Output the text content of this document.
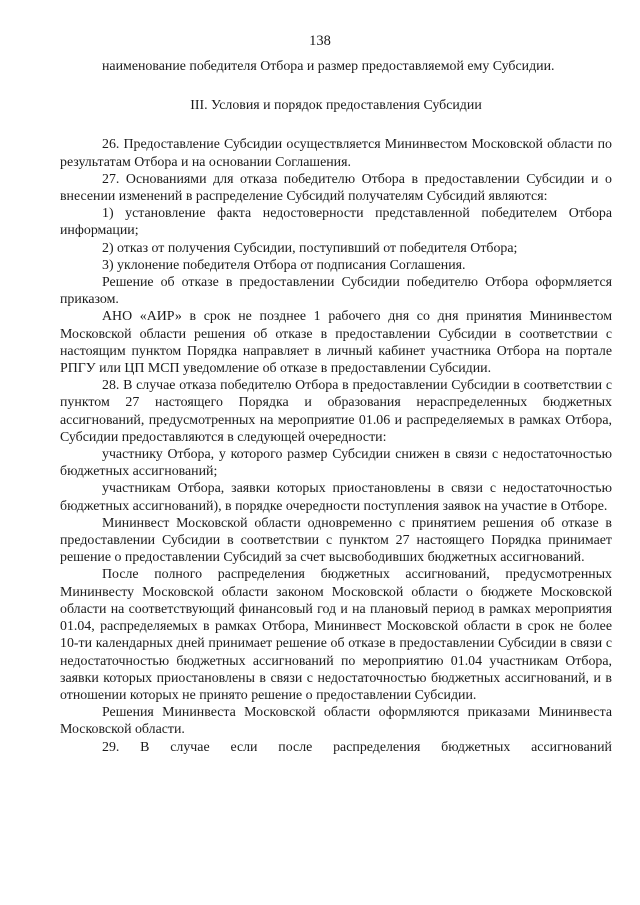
138

наименование победителя Отбора и размер предоставляемой ему Субсидии.

III. Условия и порядок предоставления Субсидии

26. Предоставление Субсидии осуществляется Мининвестом Московской области по результатам Отбора и на основании Соглашения.

27. Основаниями для отказа победителю Отбора в предоставлении Субсидии и о внесении изменений в распределение Субсидий получателям Субсидий являются:

1) установление факта недостоверности представленной победителем Отбора информации;

2) отказ от получения Субсидии, поступивший от победителя Отбора;

3) уклонение победителя Отбора от подписания Соглашения.

Решение об отказе в предоставлении Субсидии победителю Отбора оформляется приказом.

АНО «АИР» в срок не позднее 1 рабочего дня со дня принятия Мининвестом Московской области решения об отказе в предоставлении Субсидии в соответствии с настоящим пунктом Порядка направляет в личный кабинет участника Отбора на портале РПГУ или ЦП МСП уведомление об отказе в предоставлении Субсидии.

28. В случае отказа победителю Отбора в предоставлении Субсидии в соответствии с пунктом 27 настоящего Порядка и образования нераспределенных бюджетных ассигнований, предусмотренных на мероприятие 01.06 и распределяемых в рамках Отбора, Субсидии предоставляются в следующей очередности:

участнику Отбора, у которого размер Субсидии снижен в связи с недостаточностью бюджетных ассигнований;

участникам Отбора, заявки которых приостановлены в связи с недостаточностью бюджетных ассигнований), в порядке очередности поступления заявок на участие в Отборе.

Мининвест Московской области одновременно с принятием решения об отказе в предоставлении Субсидии в соответствии с пунктом 27 настоящего Порядка принимает решение о предоставлении Субсидий за счет высвободивших бюджетных ассигнований.

После полного распределения бюджетных ассигнований, предусмотренных Мининвесту Московской области законом Московской области о бюджете Московской области на соответствующий финансовый год и на плановый период в рамках мероприятия 01.04, распределяемых в рамках Отбора, Мининвест Московской области в срок не более 10-ти календарных дней принимает решение об отказе в предоставлении Субсидии в связи с недостаточностью бюджетных ассигнований по мероприятию 01.04 участникам Отбора, заявки которых приостановлены в связи с недостаточностью бюджетных ассигнований, и в отношении которых не принято решение о предоставлении Субсидии.

Решения Мининвеста Московской области оформляются приказами Мининвеста Московской области.

29. В случае если после распределения бюджетных ассигнований
